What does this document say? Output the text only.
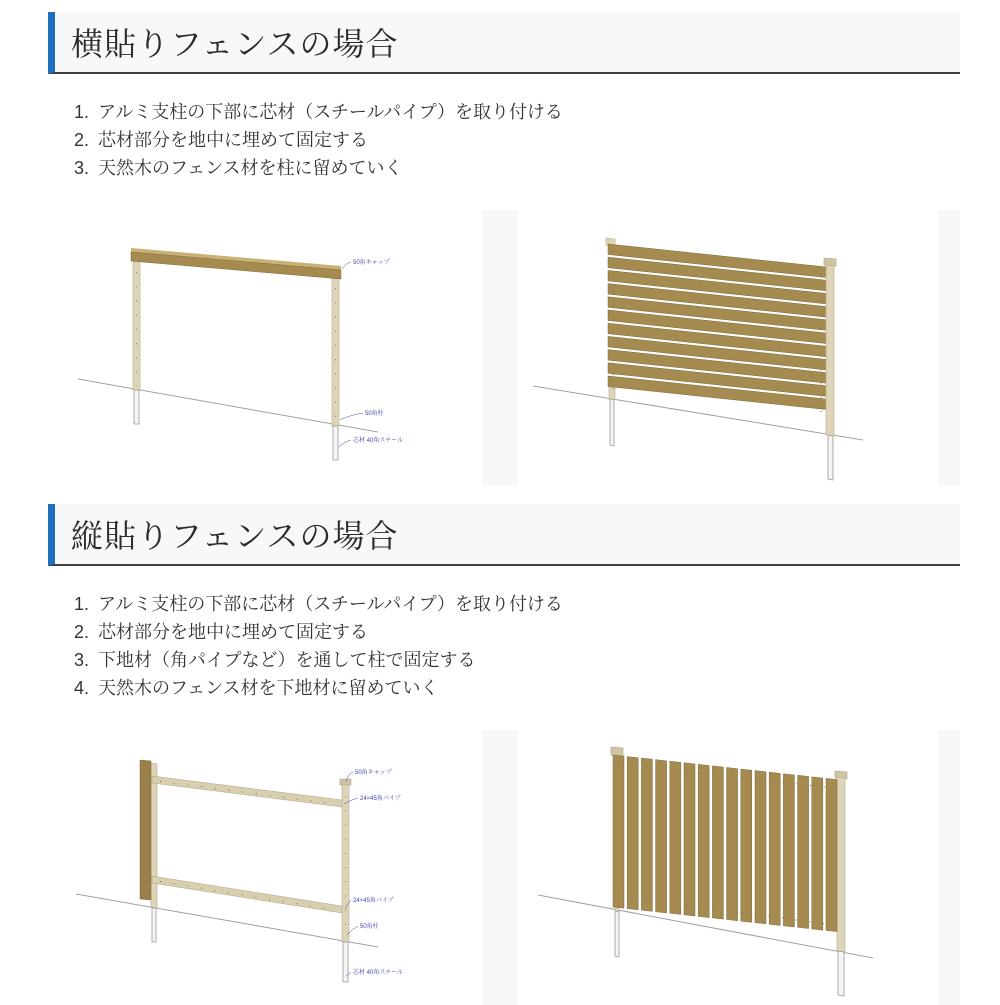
横貼りフェンスの場合
1. アルミ支柱の下部に芯材（スチールパイプ）を取り付ける
2. 芯材部分を地中に埋めて固定する
3. 天然木のフェンス材を柱に留めていく
50角キャップ
50角柱
芯材 40角スチール
縦貼りフェンスの場合
1. アルミ支柱の下部に芯材（スチールパイプ）を取り付ける
2. 芯材部分を地中に埋めて固定する
3. 下地材（角パイプなど）を通して柱で固定する
4. 天然木のフェンス材を下地材に留めていく
50角キャップ
24×45角パイプ
24×45角パイプ
50角柱
芯材 40角スチール
